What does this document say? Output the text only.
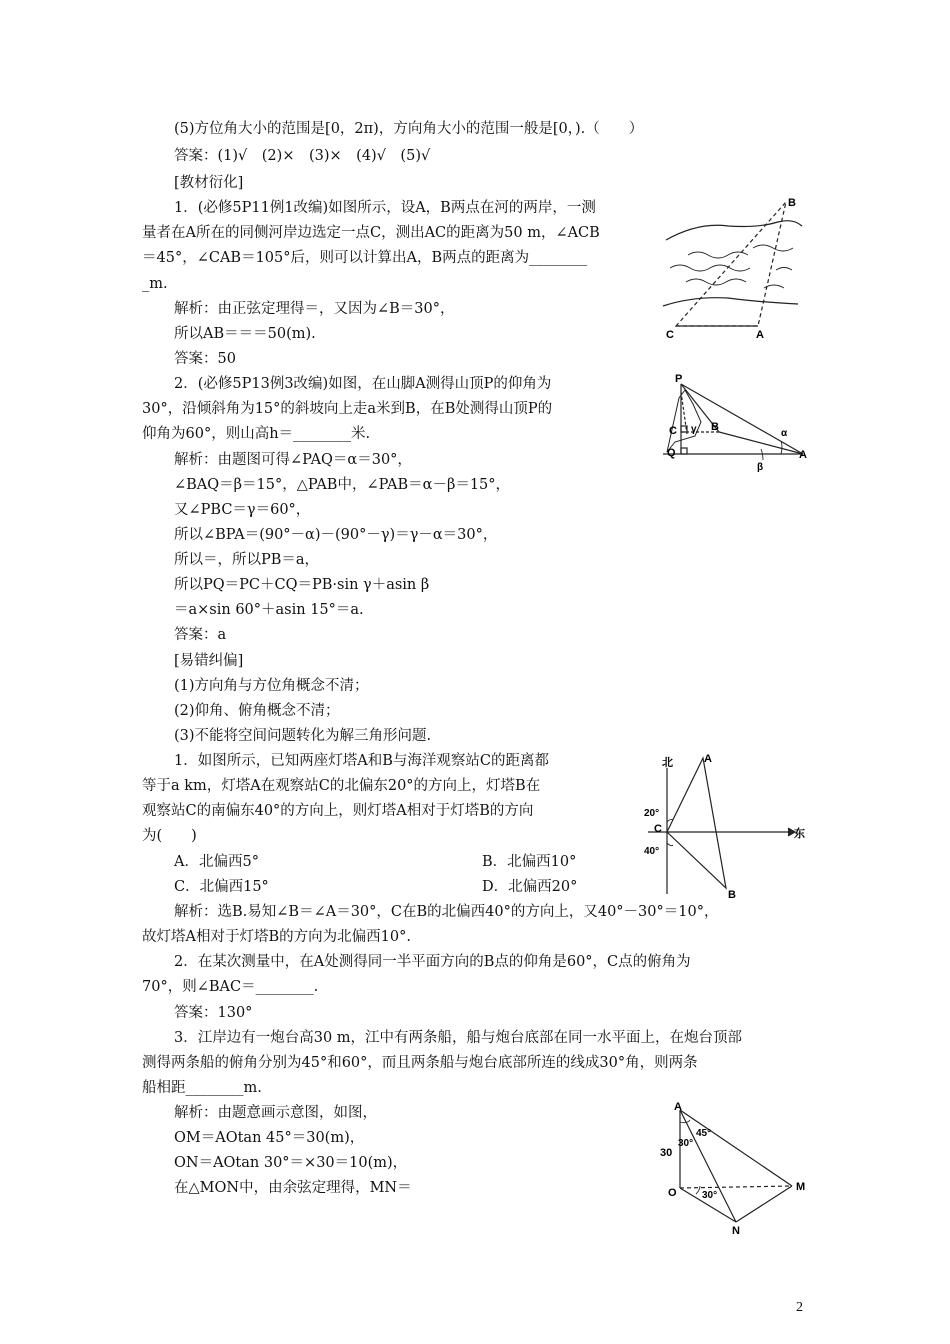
(5)方位角大小的范围是[0，2π)，方向角大小的范围一般是[0，).（　　）
答案：(1)√　(2)×　(3)×　(4)√　(5)√
[教材衍化]
1．(必修5P11例1改编)如图所示，设A，B两点在河的两岸，一测
量者在A所在的同侧河岸边选定一点C，测出AC的距离为50 m，∠ACB
＝45°，∠CAB＝105°后，则可以计算出A，B两点的距离为________
_m.
解析：由正弦定理得＝，又因为∠B＝30°，
所以AB＝＝＝50(m).
答案：50
2．(必修5P13例3改编)如图，在山脚A测得山顶P的仰角为
30°，沿倾斜角为15°的斜坡向上走a米到B，在B处测得山顶P的
仰角为60°，则山高h＝________米.
解析：由题图可得∠PAQ＝α＝30°，
∠BAQ＝β＝15°，△PAB中，∠PAB＝α－β＝15°，
又∠PBC＝γ＝60°，
所以∠BPA＝(90°－α)－(90°－γ)＝γ－α＝30°，
所以＝，所以PB＝a，
所以PQ＝PC＋CQ＝PB·sin γ＋asin β
＝a×sin 60°＋asin 15°＝a.
答案：a
[易错纠偏]
(1)方向角与方位角概念不清；
(2)仰角、俯角概念不清；
(3)不能将空间问题转化为解三角形问题.
1．如图所示，已知两座灯塔A和B与海洋观察站C的距离都
等于a km，灯塔A在观察站C的北偏东20°的方向上，灯塔B在
观察站C的南偏东40°的方向上，则灯塔A相对于灯塔B的方向
为(　　)
A．北偏西5°	B．北偏西10°
C．北偏西15°	D．北偏西20°
解析：选B.易知∠B＝∠A＝30°，C在B的北偏西40°的方向上，又40°－30°＝10°，
故灯塔A相对于灯塔B的方向为北偏西10°.
2．在某次测量中，在A处测得同一半平面方向的B点的仰角是60°，C点的俯角为
70°，则∠BAC＝________.
答案：130°
3．江岸边有一炮台高30 m，江中有两条船，船与炮台底部在同一水平面上，在炮台顶部
测得两条船的俯角分别为45°和60°，而且两条船与炮台底部所连的线成30°角，则两条
船相距________m.
解析：由题意画示意图，如图，
OM＝AOtan 45°＝30(m)，
ON＝AOtan 30°＝×30＝10(m)，
在△MON中，由余弦定理得，MN＝
B
C	A
P
C
Q
γ B
α
β
A
北
东
A
C
B
20°
40°
A
45°
30°
30
O	30°
M
N
2
